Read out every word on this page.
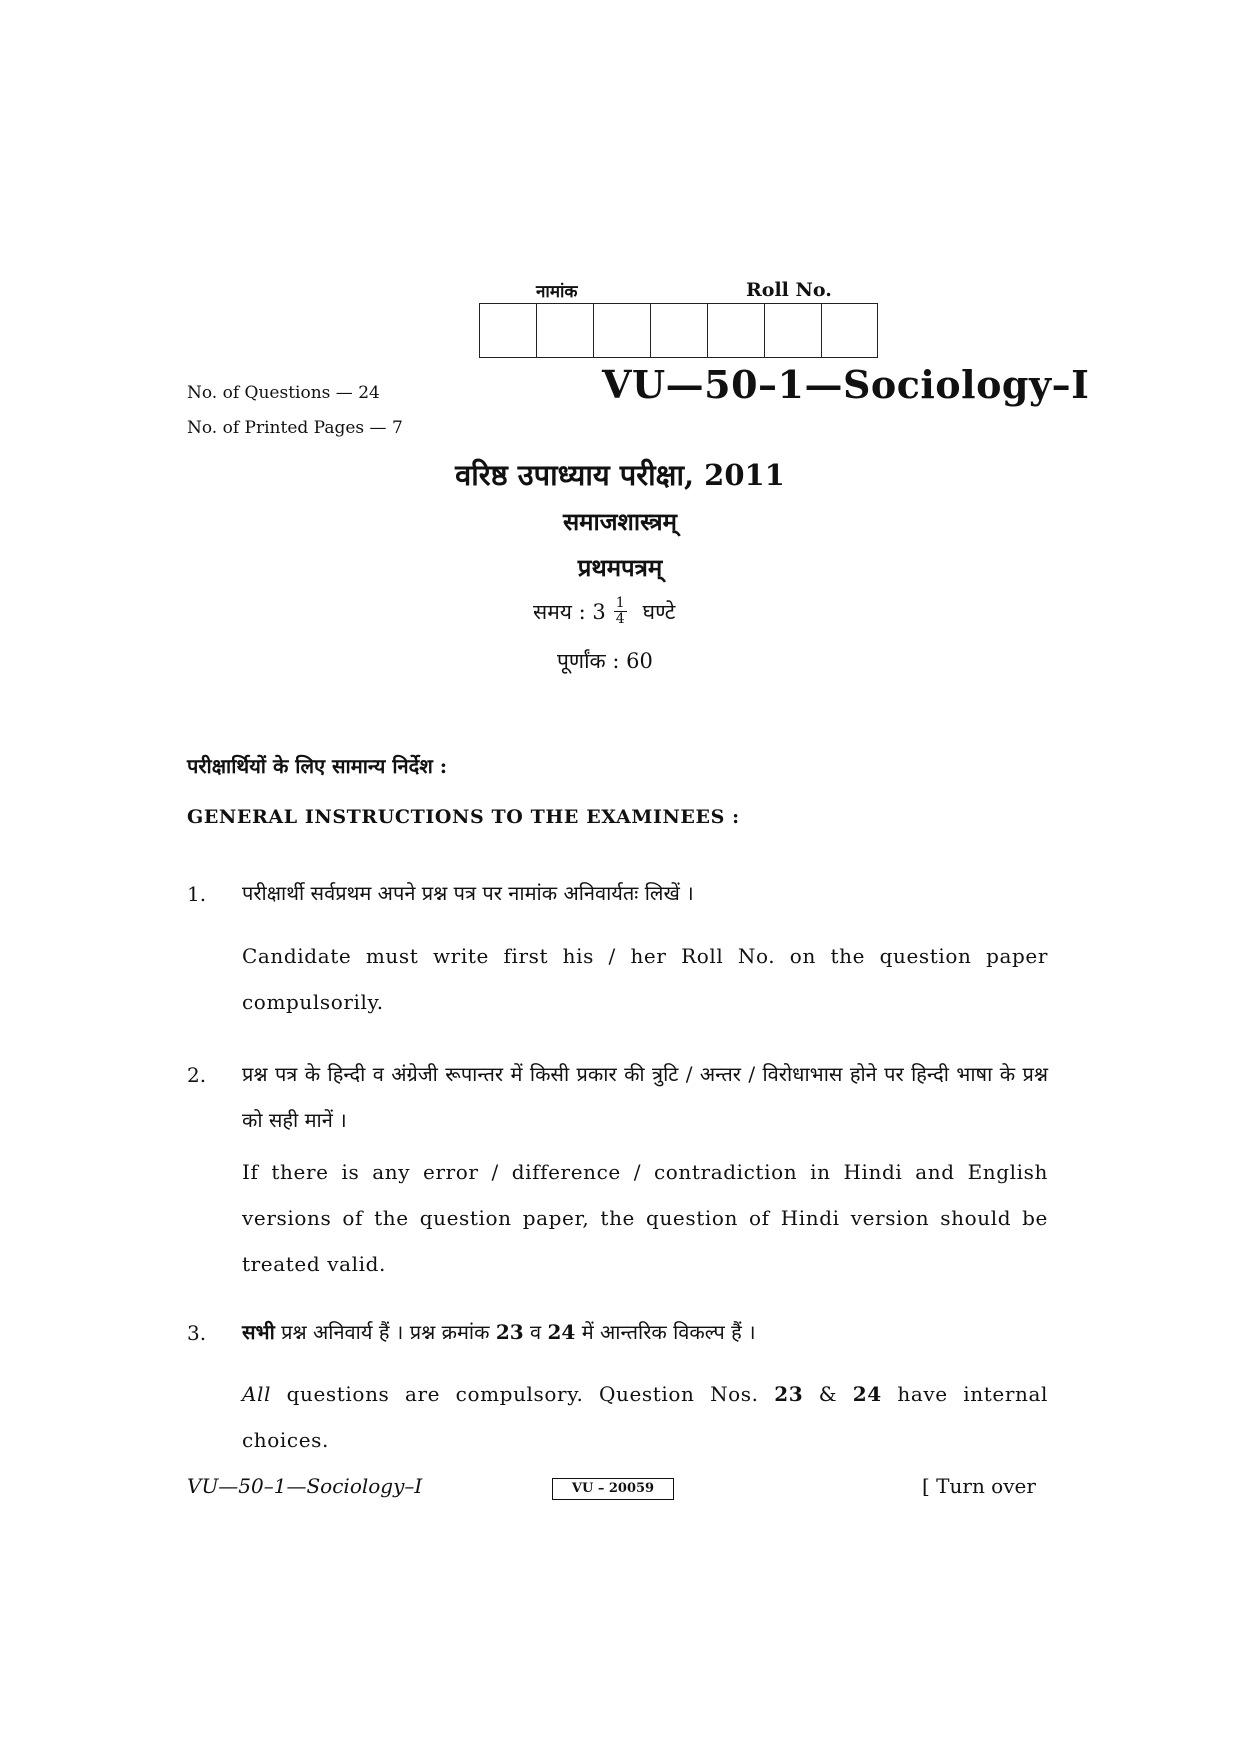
नामांक	Roll No.
No. of Questions — 24
No. of Printed Pages — 7
VU—50–1—Sociology–I
वरिष्ठ उपाध्याय परीक्षा, 2011
समाजशास्त्रम्
प्रथमपत्रम्
समय : $3 \frac{1}{4}$ घण्टे
पूर्णांक : 60
परीक्षार्थियों के लिए सामान्य निर्देश :
GENERAL INSTRUCTIONS TO THE EXAMINEES :
1. परीक्षार्थी सर्वप्रथम अपने प्रश्न पत्र पर नामांक अनिवार्यतः लिखें ।
Candidate must write first his / her Roll No. on the question paper compulsorily.
2. प्रश्न पत्र के हिन्दी व अंग्रेजी रूपान्तर में किसी प्रकार की त्रुटि / अन्तर / विरोधाभास होने पर हिन्दी भाषा के प्रश्न को सही मानें ।
If there is any error / difference / contradiction in Hindi and English versions of the question paper, the question of Hindi version should be treated valid.
3. सभी प्रश्न अनिवार्य हैं । प्रश्न क्रमांक 23 व 24 में आन्तरिक विकल्प हैं ।
All questions are compulsory. Question Nos. 23 & 24 have internal choices.
VU—50–1—Sociology–I	VU – 20059	[ Turn over
